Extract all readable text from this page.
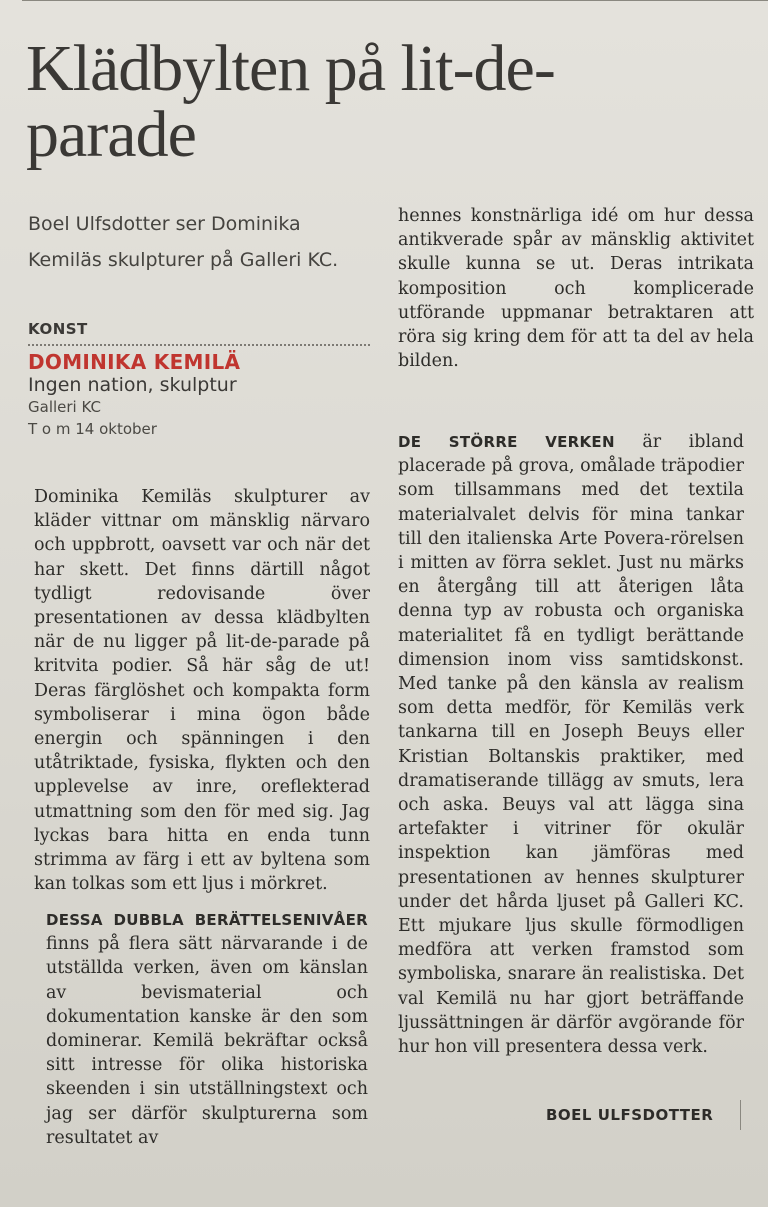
Klädbylten på lit-de-parade
Boel Ulfsdotter ser Dominika Kemiläs skulpturer på Galleri KC.
KONST
DOMINIKA KEMILÄ
Ingen nation, skulptur
Galleri KC
T o m 14 oktober

Dominika Kemiläs skulpturer av kläder vittnar om mänsklig närvaro och uppbrott, oavsett var och när det har skett. Det finns därtill något tydligt redovisande över presentationen av dessa klädbylten när de nu ligger på lit-de-parade på kritvita podier. Så här såg de ut! Deras färglöshet och kompakta form symboliserar i mina ögon både energin och spänningen i den utåtriktade, fysiska, flykten och den upplevelse av inre, oreflekterad utmattning som den för med sig. Jag lyckas bara hitta en enda tunn strimma av färg i ett av byltena som kan tolkas som ett ljus i mörkret.

DESSA DUBBLA BERÄTTELSENIVÅER finns på flera sätt närvarande i de utställda verken, även om känslan av bevismaterial och dokumentation kanske är den som dominerar. Kemilä bekräftar också sitt intresse för olika historiska skeenden i sin utställningstext och jag ser därför skulpturerna som resultatet av

hennes konstnärliga idé om hur dessa antikverade spår av mänsklig aktivitet skulle kunna se ut. Deras intrikata komposition och komplicerade utförande uppmanar betraktaren att röra sig kring dem för att ta del av hela bilden.

DE STÖRRE VERKEN är ibland placerade på grova, omålade träpodier som tillsammans med det textila materialvalet delvis för mina tankar till den italienska Arte Povera-rörelsen i mitten av förra seklet. Just nu märks en återgång till att återigen låta denna typ av robusta och organiska materialitet få en tydligt berättande dimension inom viss samtidskonst. Med tanke på den känsla av realism som detta medför, för Kemiläs verk tankarna till en Joseph Beuys eller Kristian Boltanskis praktiker, med dramatiserande tillägg av smuts, lera och aska. Beuys val att lägga sina artefakter i vitriner för okulär inspektion kan jämföras med presentationen av hennes skulpturer under det hårda ljuset på Galleri KC. Ett mjukare ljus skulle förmodligen medföra att verken framstod som symboliska, snarare än realistiska. Det val Kemilä nu har gjort beträffande ljussättningen är därför avgörande för hur hon vill presentera dessa verk.

BOEL ULFSDOTTER
